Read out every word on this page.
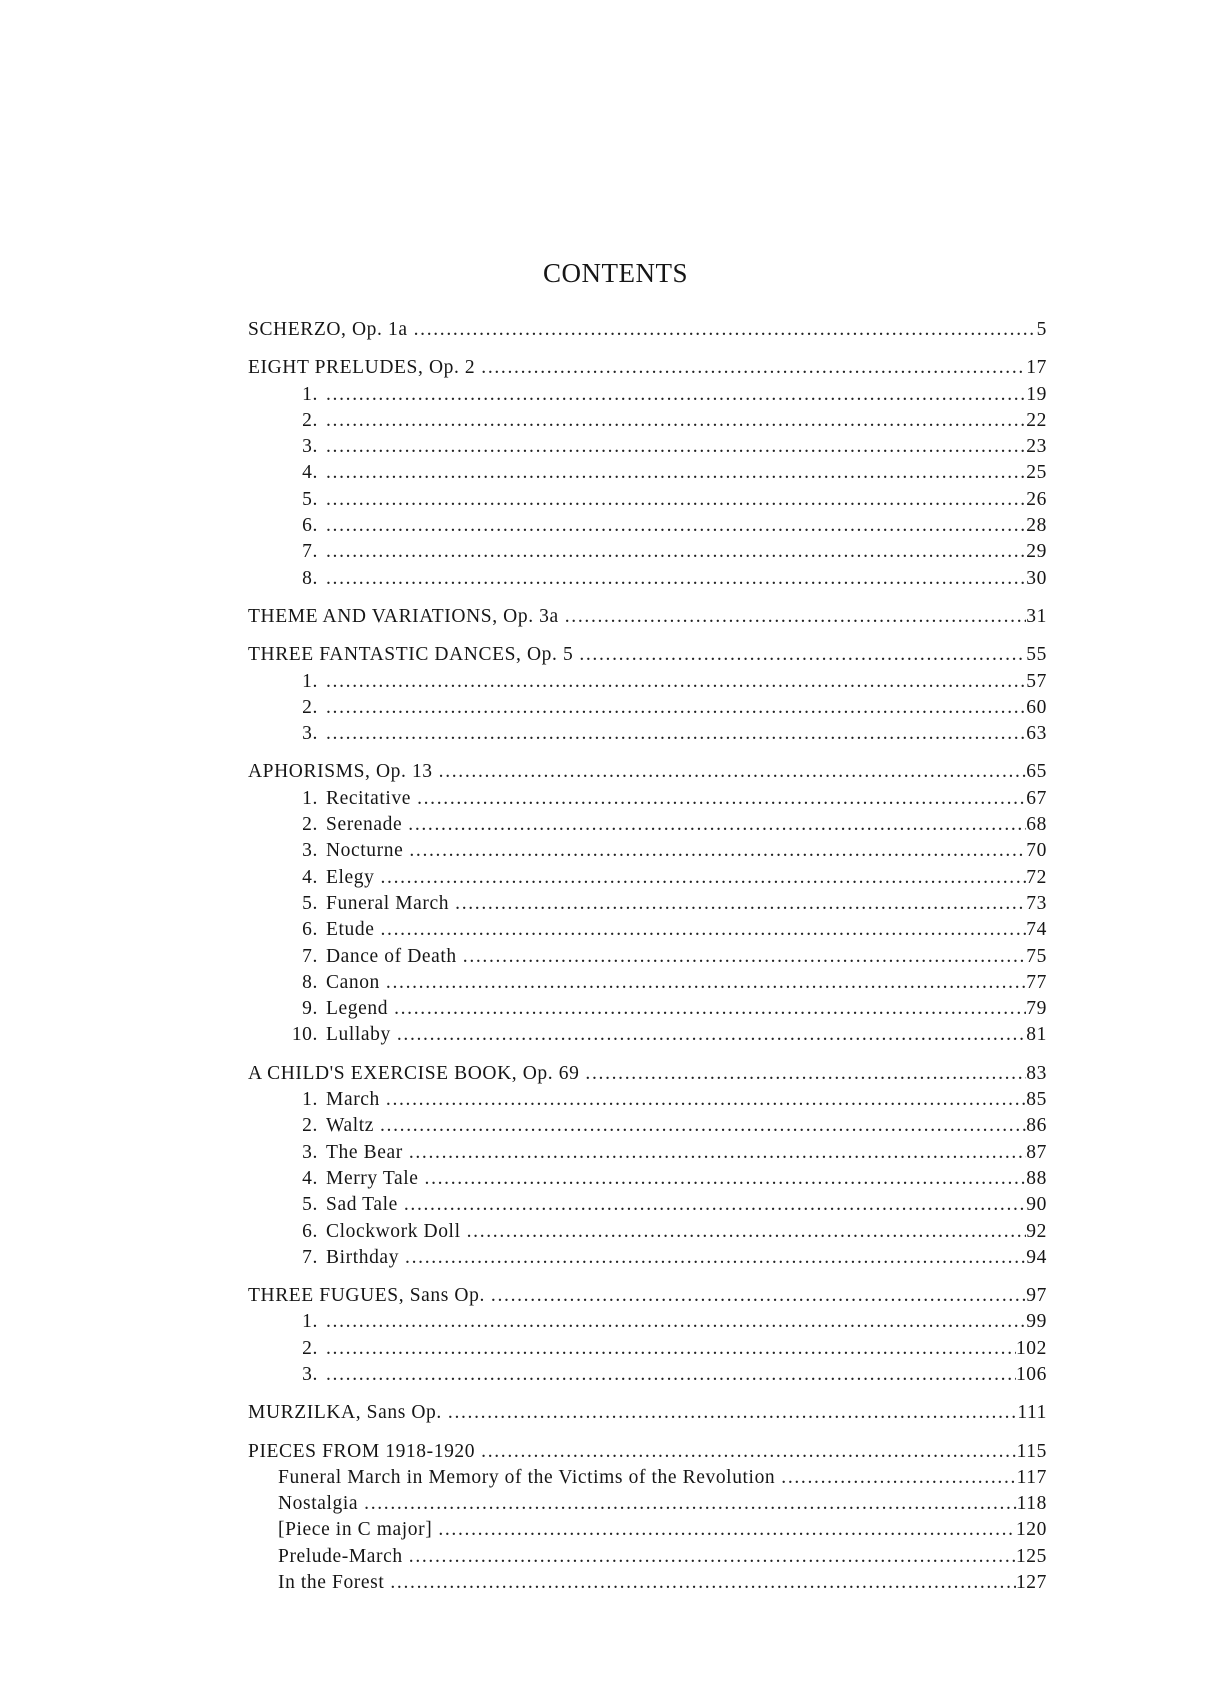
CONTENTS
SCHERZO, Op. 1a . . .	5
EIGHT PRELUDES, Op. 2 . . .	17
1. . . .	19
2. . . .	22
3. . . .	23
4. . . .	25
5. . . .	26
6. . . .	28
7. . . .	29
8. . . .	30
THEME AND VARIATIONS, Op. 3a . . .	31
THREE FANTASTIC DANCES, Op. 5 . . .	55
1. . . .	57
2. . . .	60
3. . . .	63
APHORISMS, Op. 13 . . .	65
1. Recitative . . .	67
2. Serenade . . .	68
3. Nocturne . . .	70
4. Elegy . . .	72
5. Funeral March . . .	73
6. Etude . . .	74
7. Dance of Death . . .	75
8. Canon . . .	77
9. Legend . . .	79
10. Lullaby . . .	81
A CHILD'S EXERCISE BOOK, Op. 69 . . .	83
1. March . . .	85
2. Waltz . . .	86
3. The Bear . . .	87
4. Merry Tale . . .	88
5. Sad Tale . . .	90
6. Clockwork Doll . . .	92
7. Birthday . . .	94
THREE FUGUES, Sans Op. . . .	97
1. . . .	99
2. . . .	102
3. . . .	106
MURZILKA, Sans Op. . . .	111
PIECES FROM 1918-1920 . . .	115
Funeral March in Memory of the Victims of the Revolution . . .	117
Nostalgia . . .	118
[Piece in C major] . . .	120
Prelude-March . . .	125
In the Forest . . .	127
